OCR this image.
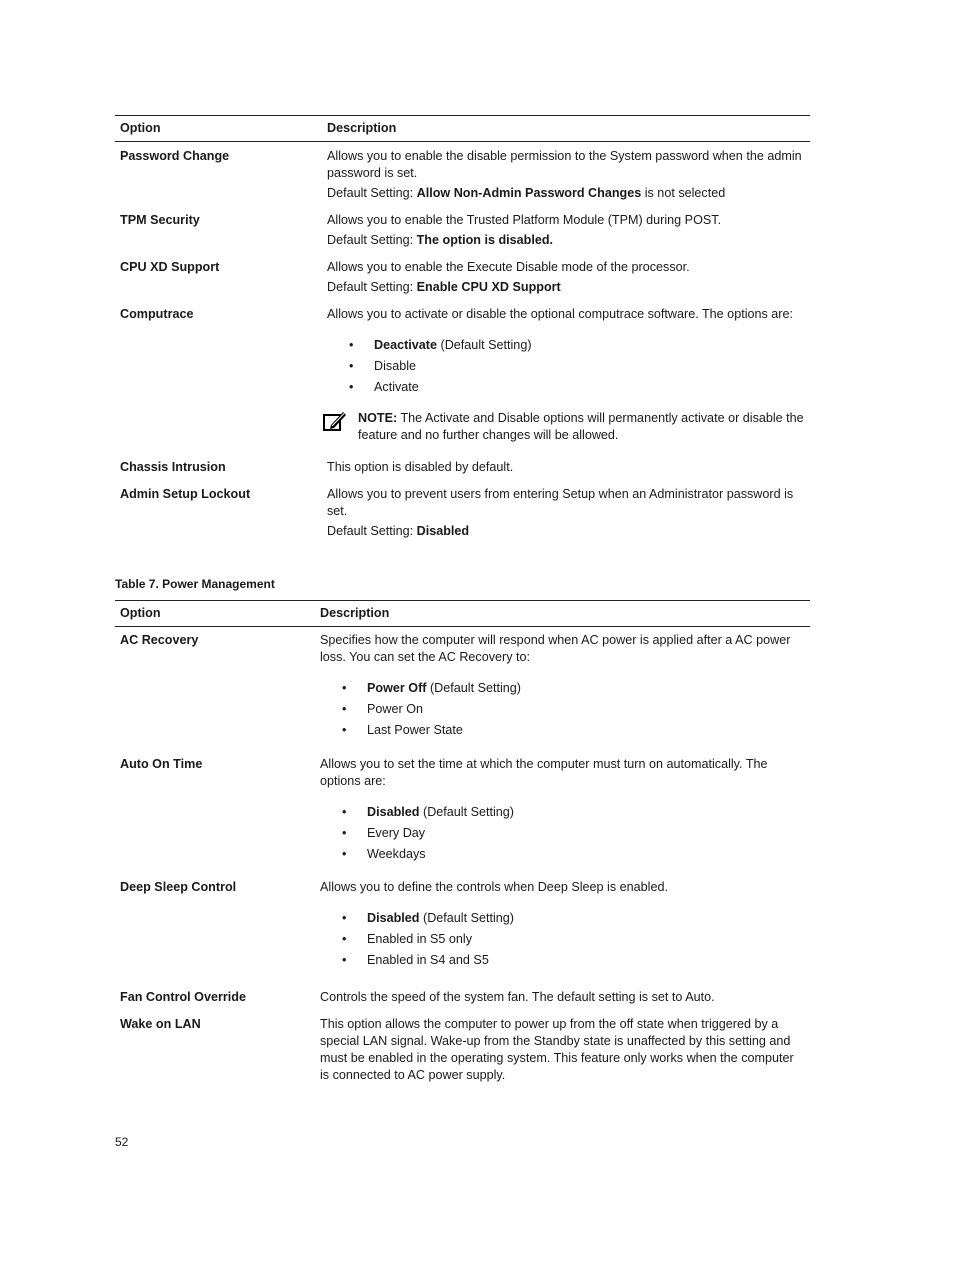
Option	Description
Password Change	Allows you to enable the disable permission to the System password when the admin password is set.

Default Setting: Allow Non-Admin Password Changes is not selected

TPM Security	Allows you to enable the Trusted Platform Module (TPM) during POST.

Default Setting: The option is disabled.

CPU XD Support	Allows you to enable the Execute Disable mode of the processor.

Default Setting: Enable CPU XD Support

Computrace	Allows you to activate or disable the optional computrace software. The options are:

• Deactivate (Default Setting)
• Disable
• Activate

NOTE: The Activate and Disable options will permanently activate or disable the feature and no further changes will be allowed.

Chassis Intrusion	This option is disabled by default.

Admin Setup Lockout	Allows you to prevent users from entering Setup when an Administrator password is set.

Default Setting: Disabled

Table 7. Power Management
Option	Description
AC Recovery	Specifies how the computer will respond when AC power is applied after a AC power loss. You can set the AC Recovery to:

• Power Off (Default Setting)
• Power On
• Last Power State
Auto On Time	Allows you to set the time at which the computer must turn on automatically. The options are:

• Disabled (Default Setting)
• Every Day
• Weekdays
Deep Sleep Control	Allows you to define the controls when Deep Sleep is enabled.

• Disabled (Default Setting)
• Enabled in S5 only
• Enabled in S4 and S5
Fan Control Override	Controls the speed of the system fan. The default setting is set to Auto.

Wake on LAN	This option allows the computer to power up from the off state when triggered by a special LAN signal. Wake-up from the Standby state is unaffected by this setting and must be enabled in the operating system. This feature only works when the computer is connected to AC power supply.

52
